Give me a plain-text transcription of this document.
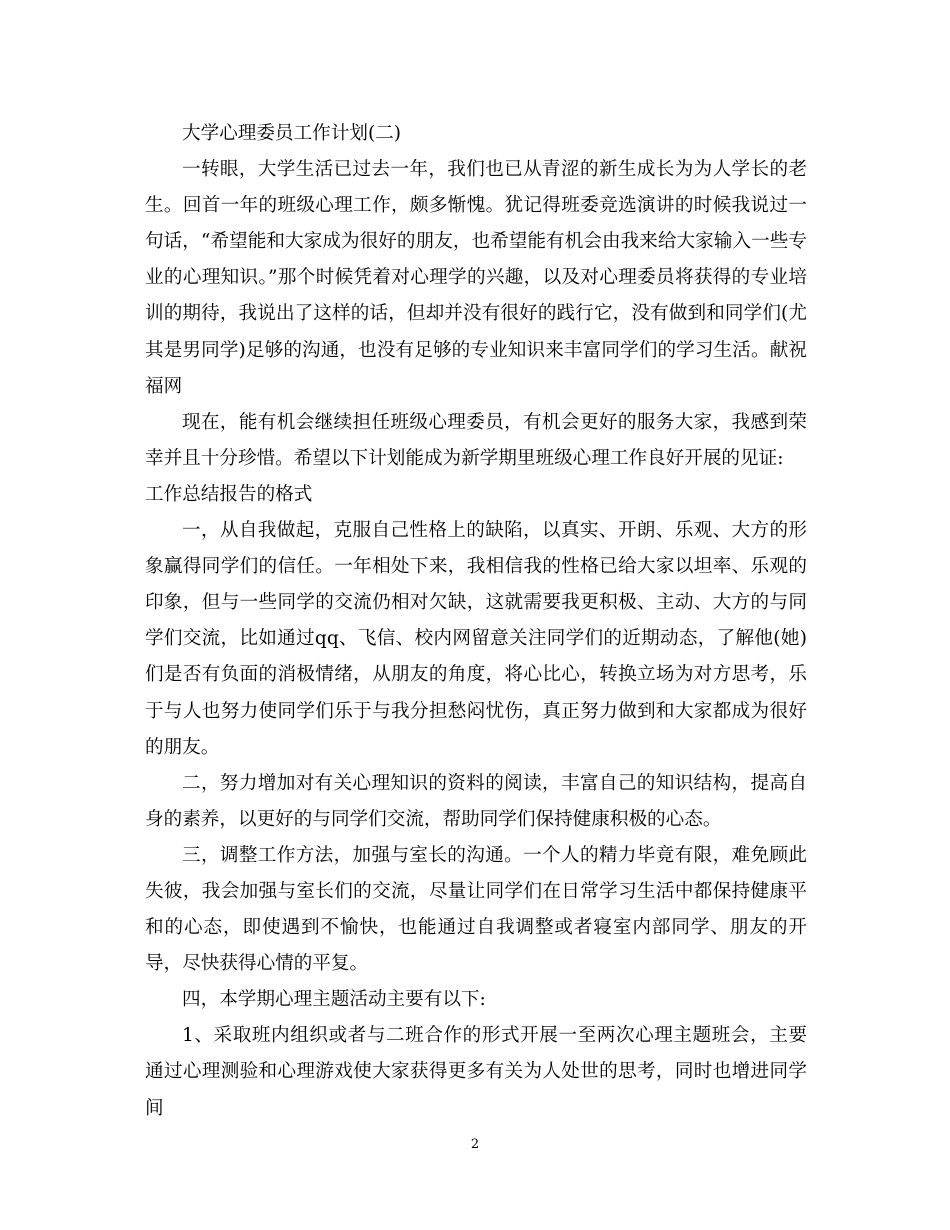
大学心理委员工作计划(二)

一转眼，大学生活已过去一年，我们也已从青涩的新生成长为为人学长的老生。回首一年的班级心理工作，颇多惭愧。犹记得班委竞选演讲的时候我说过一句话，“希望能和大家成为很好的朋友，也希望能有机会由我来给大家输入一些专业的心理知识。”那个时候凭着对心理学的兴趣，以及对心理委员将获得的专业培训的期待，我说出了这样的话，但却并没有很好的践行它，没有做到和同学们(尤其是男同学)足够的沟通，也没有足够的专业知识来丰富同学们的学习生活。献祝福网

现在，能有机会继续担任班级心理委员，有机会更好的服务大家，我感到荣幸并且十分珍惜。希望以下计划能成为新学期里班级心理工作良好开展的见证:

工作总结报告的格式

一，从自我做起，克服自己性格上的缺陷，以真实、开朗、乐观、大方的形象赢得同学们的信任。一年相处下来，我相信我的性格已给大家以坦率、乐观的印象，但与一些同学的交流仍相对欠缺，这就需要我更积极、主动、大方的与同学们交流，比如通过qq、飞信、校内网留意关注同学们的近期动态，了解他(她)们是否有负面的消极情绪，从朋友的角度，将心比心，转换立场为对方思考，乐于与人也努力使同学们乐于与我分担愁闷忧伤，真正努力做到和大家都成为很好的朋友。

二，努力增加对有关心理知识的资料的阅读，丰富自己的知识结构，提高自身的素养，以更好的与同学们交流，帮助同学们保持健康积极的心态。

三，调整工作方法，加强与室长的沟通。一个人的精力毕竟有限，难免顾此失彼，我会加强与室长们的交流，尽量让同学们在日常学习生活中都保持健康平和的心态，即使遇到不愉快，也能通过自我调整或者寝室内部同学、朋友的开导，尽快获得心情的平复。

四，本学期心理主题活动主要有以下:

1、采取班内组织或者与二班合作的形式开展一至两次心理主题班会，主要通过心理测验和心理游戏使大家获得更多有关为人处世的思考，同时也增进同学间

2
